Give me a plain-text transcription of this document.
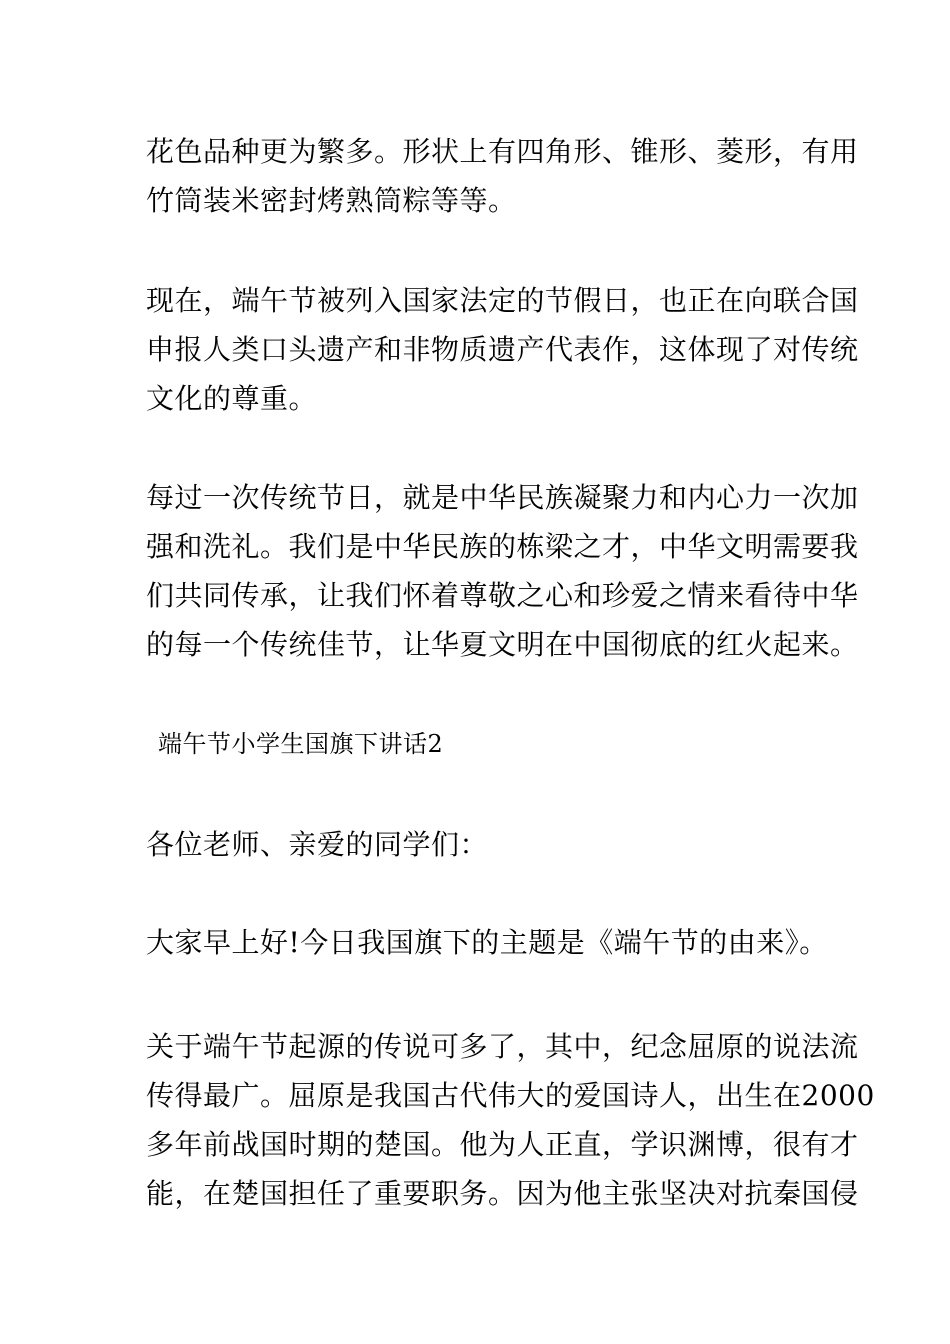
花色品种更为繁多。形状上有四角形、锥形、菱形，有用
竹筒装米密封烤熟筒粽等等。
现在，端午节被列入国家法定的节假日，也正在向联合国
申报人类口头遗产和非物质遗产代表作，这体现了对传统
文化的尊重。
每过一次传统节日，就是中华民族凝聚力和内心力一次加
强和洗礼。我们是中华民族的栋梁之才，中华文明需要我
们共同传承，让我们怀着尊敬之心和珍爱之情来看待中华
的每一个传统佳节，让华夏文明在中国彻底的红火起来。
端午节小学生国旗下讲话2
各位老师、亲爱的同学们：
大家早上好!今日我国旗下的主题是《端午节的由来》。
关于端午节起源的传说可多了，其中，纪念屈原的说法流
传得最广。屈原是我国古代伟大的爱国诗人，出生在2000
多年前战国时期的楚国。他为人正直，学识渊博，很有才
能，在楚国担任了重要职务。因为他主张坚决对抗秦国侵
